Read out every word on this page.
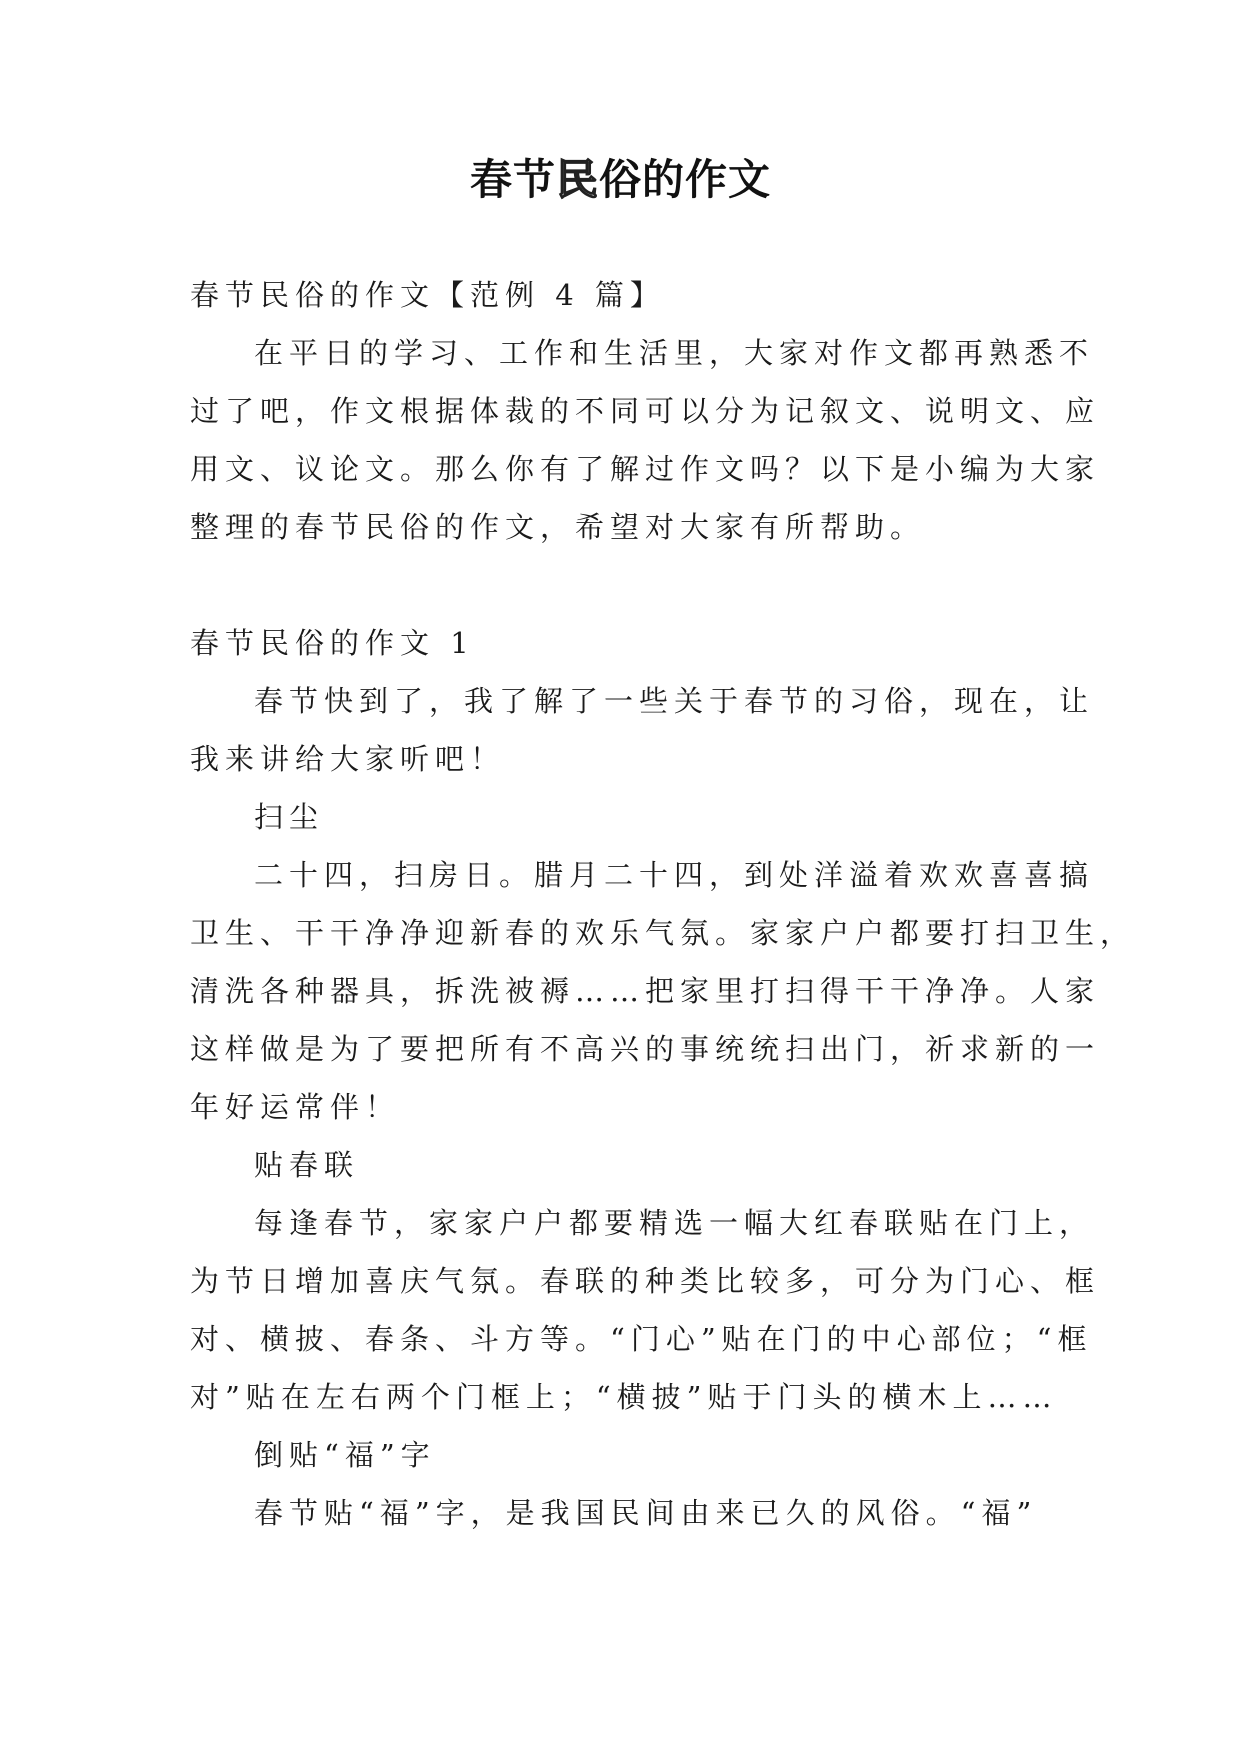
春节民俗的作文
春节民俗的作文【范例 4 篇】
在平日的学习、工作和生活里，大家对作文都再熟悉不
过了吧，作文根据体裁的不同可以分为记叙文、说明文、应
用文、议论文。那么你有了解过作文吗？以下是小编为大家
整理的春节民俗的作文，希望对大家有所帮助。
春节民俗的作文 1
春节快到了，我了解了一些关于春节的习俗，现在，让
我来讲给大家听吧！
扫尘
二十四，扫房日。腊月二十四，到处洋溢着欢欢喜喜搞
卫生、干干净净迎新春的欢乐气氛。家家户户都要打扫卫生，
清洗各种器具，拆洗被褥……把家里打扫得干干净净。人家
这样做是为了要把所有不高兴的事统统扫出门，祈求新的一
年好运常伴！
贴春联
每逢春节，家家户户都要精选一幅大红春联贴在门上，
为节日增加喜庆气氛。春联的种类比较多，可分为门心、框
对、横披、春条、斗方等。“门心”贴在门的中心部位；“框
对”贴在左右两个门框上；“横披”贴于门头的横木上……
倒贴“福”字
春节贴“福”字，是我国民间由来已久的风俗。“福”
